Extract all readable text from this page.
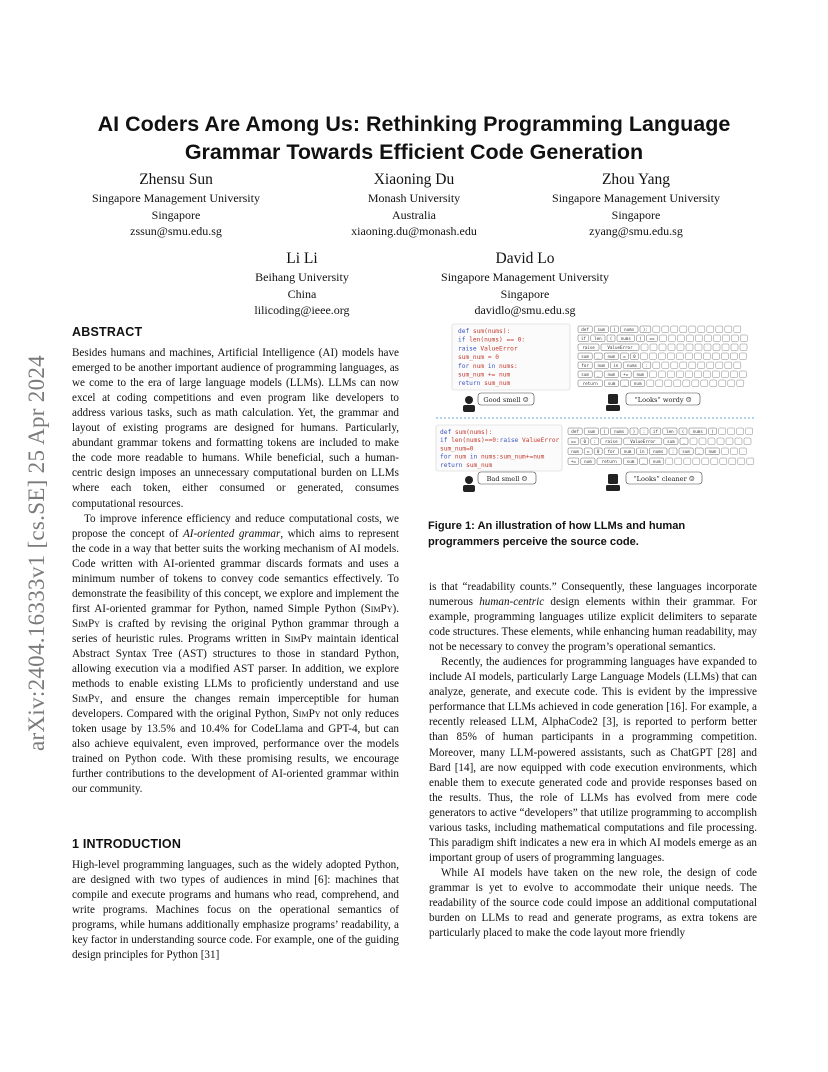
arXiv:2404.16333v1 [cs.SE] 25 Apr 2024
AI Coders Are Among Us: Rethinking Programming Language
Grammar Towards Efficient Code Generation
Zhensu Sun
Singapore Management University
Singapore
zssun@smu.edu.sg
Xiaoning Du
Monash University
Australia
xiaoning.du@monash.edu
Zhou Yang
Singapore Management University
Singapore
zyang@smu.edu.sg
Li Li
Beihang University
China
lilicoding@ieee.org
David Lo
Singapore Management University
Singapore
davidlo@smu.edu.sg
ABSTRACT

Besides humans and machines, Artificial Intelligence (AI) models have emerged to be another important audience of programming languages, as we come to the era of large language models (LLMs). LLMs can now excel at coding competitions and even program like developers to address various tasks, such as math calculation. Yet, the grammar and layout of existing programs are designed for humans. Particularly, abundant grammar tokens and formatting tokens are included to make the code more readable to humans. While beneficial, such a human-centric design imposes an unnecessary computational burden on LLMs where each token, either consumed or generated, consumes computational resources.

To improve inference efficiency and reduce computational costs, we propose the concept of AI-oriented grammar, which aims to represent the code in a way that better suits the working mechanism of AI models. Code written with AI-oriented grammar discards formats and uses a minimum number of tokens to convey code semantics effectively. To demonstrate the feasibility of this concept, we explore and implement the first AI-oriented grammar for Python, named Simple Python (SimPy). SimPy is crafted by revising the original Python grammar through a series of heuristic rules. Programs written in SimPy maintain identical Abstract Syntax Tree (AST) structures to those in standard Python, allowing execution via a modified AST parser. In addition, we explore methods to enable existing LLMs to proficiently understand and use SimPy, and ensure the changes remain imperceptible for human developers. Compared with the original Python, SimPy not only reduces token usage by 13.5% and 10.4% for CodeLlama and GPT-4, but can also achieve equivalent, even improved, performance over the models trained on Python code. With these promising results, we encourage further contributions to the development of AI-oriented grammar within our community.

1 INTRODUCTION

High-level programming languages, such as the widely adopted Python, are designed with two types of audiences in mind [6]: machines that compile and execute programs and humans who read, comprehend, and write programs. Machines focus on the operational semantics of programs, while humans additionally emphasize programs’ readability, a key factor in understanding source code. For example, one of the guiding design principles for Python [31]

def sum(nums):
if len(nums) == 0:
raise ValueError
sum_num = 0
for num in nums:
sum_num += num
return sum_num
def sum ( nums ):
if len ( nums ) ==
raise	ValueError
sum _ num = 0
for num in nums :
sum _ num += num
return sum _ num
Good smell ☺	“Looks” wordy ☹
def sum(nums):
if len(nums)==0:raise ValueError
sum_num=0
for num in nums:sum_num+=num
return sum_num
def sum ( nums ) : if len ( nums )
== 0 : raise	ValueError	sum _
num = 0 for num in nums : sum _ num
+= num return sum _ num
Bad smell ☹	“Looks” cleaner ☺
Figure 1: An illustration of how LLMs and human programmers perceive the source code.

is that “readability counts.” Consequently, these languages incorporate numerous human-centric design elements within their grammar. For example, programming languages utilize explicit delimiters to separate code structures. These elements, while enhancing human readability, may not be necessary to convey the program’s operational semantics.

Recently, the audiences for programming languages have expanded to include AI models, particularly Large Language Models (LLMs) that can analyze, generate, and execute code. This is evident by the impressive performance that LLMs achieved in code generation [16]. For example, a recently released LLM, AlphaCode2 [3], is reported to perform better than 85% of human participants in a programming competition. Moreover, many LLM-powered assistants, such as ChatGPT [28] and Bard [14], are now equipped with code execution environments, which enable them to execute generated code and provide responses based on the results. Thus, the role of LLMs has evolved from mere code generators to active “developers” that utilize programming to accomplish various tasks, including mathematical computations and file processing. This paradigm shift indicates a new era in which AI models emerge as an important group of users of programming languages.

While AI models have taken on the new role, the design of code grammar is yet to evolve to accommodate their unique needs. The readability of the source code could impose an additional computational burden on LLMs to read and generate programs, as extra tokens are particularly placed to make the code layout more friendly
